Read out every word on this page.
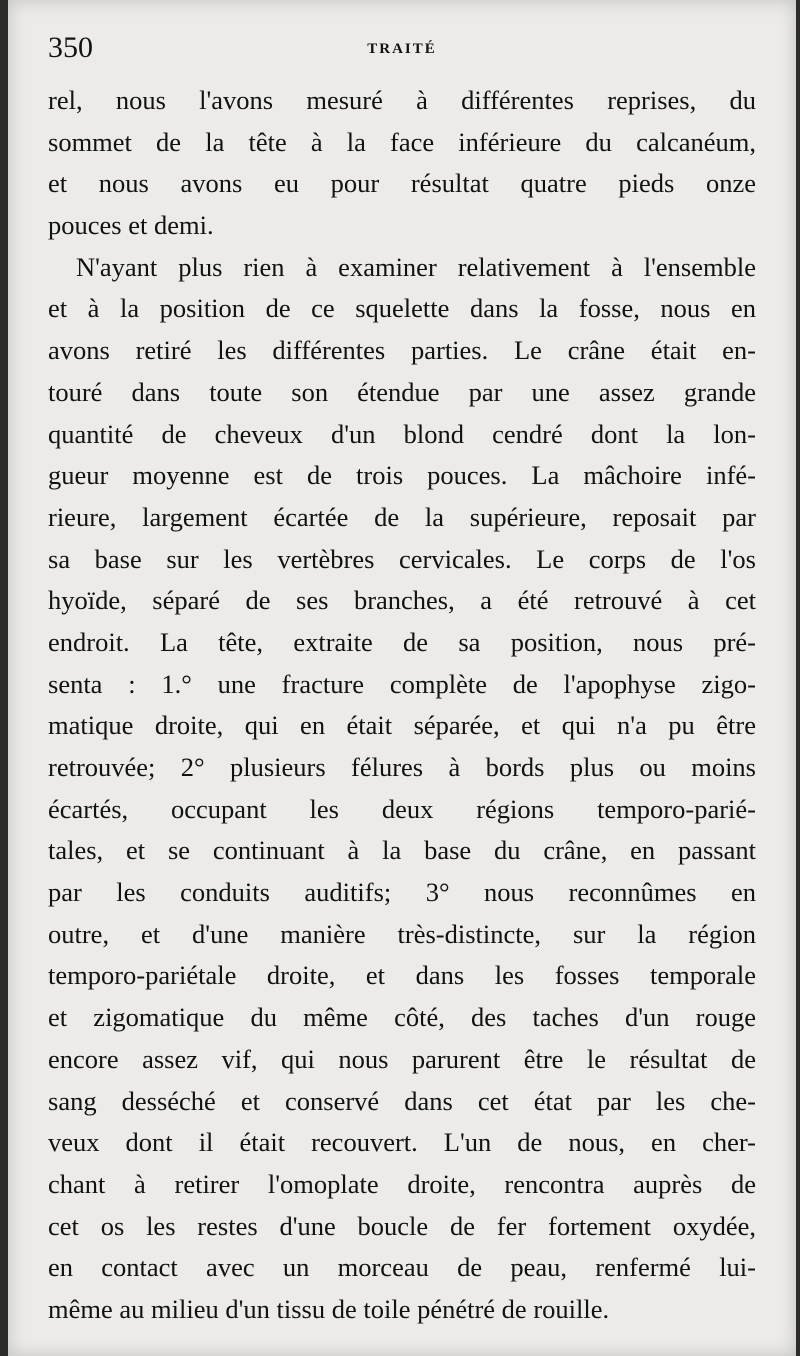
350	TRAITÉ
rel, nous l'avons mesuré à différentes reprises, du
sommet de la tête à la face inférieure du calcanéum,
et nous avons eu pour résultat quatre pieds onze
pouces et demi.
N'ayant plus rien à examiner relativement à l'ensemble
et à la position de ce squelette dans la fosse, nous en
avons retiré les différentes parties. Le crâne était en-
touré dans toute son étendue par une assez grande
quantité de cheveux d'un blond cendré dont la lon-
gueur moyenne est de trois pouces. La mâchoire infé-
rieure, largement écartée de la supérieure, reposait par
sa base sur les vertèbres cervicales. Le corps de l'os
hyoïde, séparé de ses branches, a été retrouvé à cet
endroit. La tête, extraite de sa position, nous pré-
senta : 1.° une fracture complète de l'apophyse zigo-
matique droite, qui en était séparée, et qui n'a pu être
retrouvée; 2° plusieurs félures à bords plus ou moins
écartés, occupant les deux régions temporo-parié-
tales, et se continuant à la base du crâne, en passant
par les conduits auditifs; 3° nous reconnûmes en
outre, et d'une manière très-distincte, sur la région
temporo-pariétale droite, et dans les fosses temporale
et zigomatique du même côté, des taches d'un rouge
encore assez vif, qui nous parurent être le résultat de
sang desséché et conservé dans cet état par les che-
veux dont il était recouvert. L'un de nous, en cher-
chant à retirer l'omoplate droite, rencontra auprès de
cet os les restes d'une boucle de fer fortement oxydée,
en contact avec un morceau de peau, renfermé lui-
même au milieu d'un tissu de toile pénétré de rouille.
